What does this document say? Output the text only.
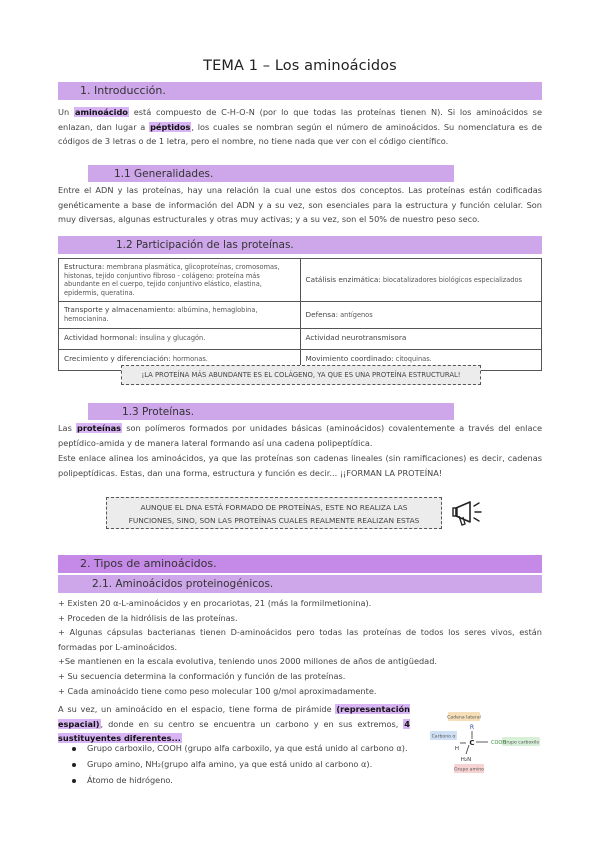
TEMA 1 – Los aminoácidos
1. Introducción.
Un aminoácido está compuesto de C-H-O-N (por lo que todas las proteínas tienen N). Si los aminoácidos se enlazan, dan lugar a péptidos, los cuales se nombran según el número de aminoácidos. Su nomenclatura es de códigos de 3 letras o de 1 letra, pero el nombre, no tiene nada que ver con el código científico.
1.1 Generalidades.
Entre el ADN y las proteínas, hay una relación la cual une estos dos conceptos. Las proteínas están codificadas genéticamente a base de información del ADN y a su vez, son esenciales para la estructura y función celular. Son muy diversas, algunas estructurales y otras muy activas; y a su vez, son el 50% de nuestro peso seco.
1.2 Participación de las proteínas.
Estructura: membrana plasmática, glicoproteínas, cromosomas, histonas, tejido conjuntivo fibroso - colágeno: proteína más abundante en el cuerpo, tejido conjuntivo elástico, elastina, epidermis, queratina.	Catálisis enzimática: biocatalizadores biológicos especializados
Transporte y almacenamiento: albúmina, hemaglobina, hemocianina.	Defensa: antígenos
Actividad hormonal: insulina y glucagón.	Actividad neurotransmisora
Crecimiento y diferenciación: hormonas.	Movimiento coordinado: citoquinas.
¡LA PROTEÍNA MÁS ABUNDANTE ES EL COLÁGENO, YA QUE ES UNA PROTEÍNA ESTRUCTURAL!
1.3 Proteínas.
Las proteínas son polímeros formados por unidades básicas (aminoácidos) covalentemente a través del enlace peptídico-amida y de manera lateral formando así una cadena polipeptídica.
Este enlace alinea los aminoácidos, ya que las proteínas son cadenas lineales (sin ramificaciones) es decir, cadenas polipeptídicas. Estas, dan una forma, estructura y función es decir... ¡¡FORMAN LA PROTEÍNA!
AUNQUE EL DNA ESTÁ FORMADO DE PROTEÍNAS, ESTE NO REALIZA LAS
FUNCIONES, SINO, SON LAS PROTEÍNAS CUALES REALMENTE REALIZAN ESTAS
2. Tipos de aminoácidos.
2.1. Aminoácidos proteinogénicos.
+ Existen 20 α-L-aminoácidos y en procariotas, 21 (más la formilmetionina).
+ Proceden de la hidrólisis de las proteínas.
+ Algunas cápsulas bacterianas tienen D-aminoácidos pero todas las proteínas de todos los seres vivos, están formadas por L-aminoácidos.
+Se mantienen en la escala evolutiva, teniendo unos 2000 millones de años de antigüedad.
+ Su secuencia determina la conformación y función de las proteínas.
+ Cada aminoácido tiene como peso molecular 100 g/mol aproximadamente.
A su vez, un aminoácido en el espacio, tiene forma de pirámide (representación espacial), donde en su centro se encuentra un carbono y en sus extremos, 4 sustituyentes diferentes...
Grupo carboxilo, COOH (grupo alfa carboxilo, ya que está unido al carbono α).
Grupo amino, NH₂(grupo alfa amino, ya que está unido al carbono α).
Átomo de hidrógeno.
Cadena lateral
Carbono α
Grupo carboxilo
Grupo amino
R
C
H
H₂N
COOH
